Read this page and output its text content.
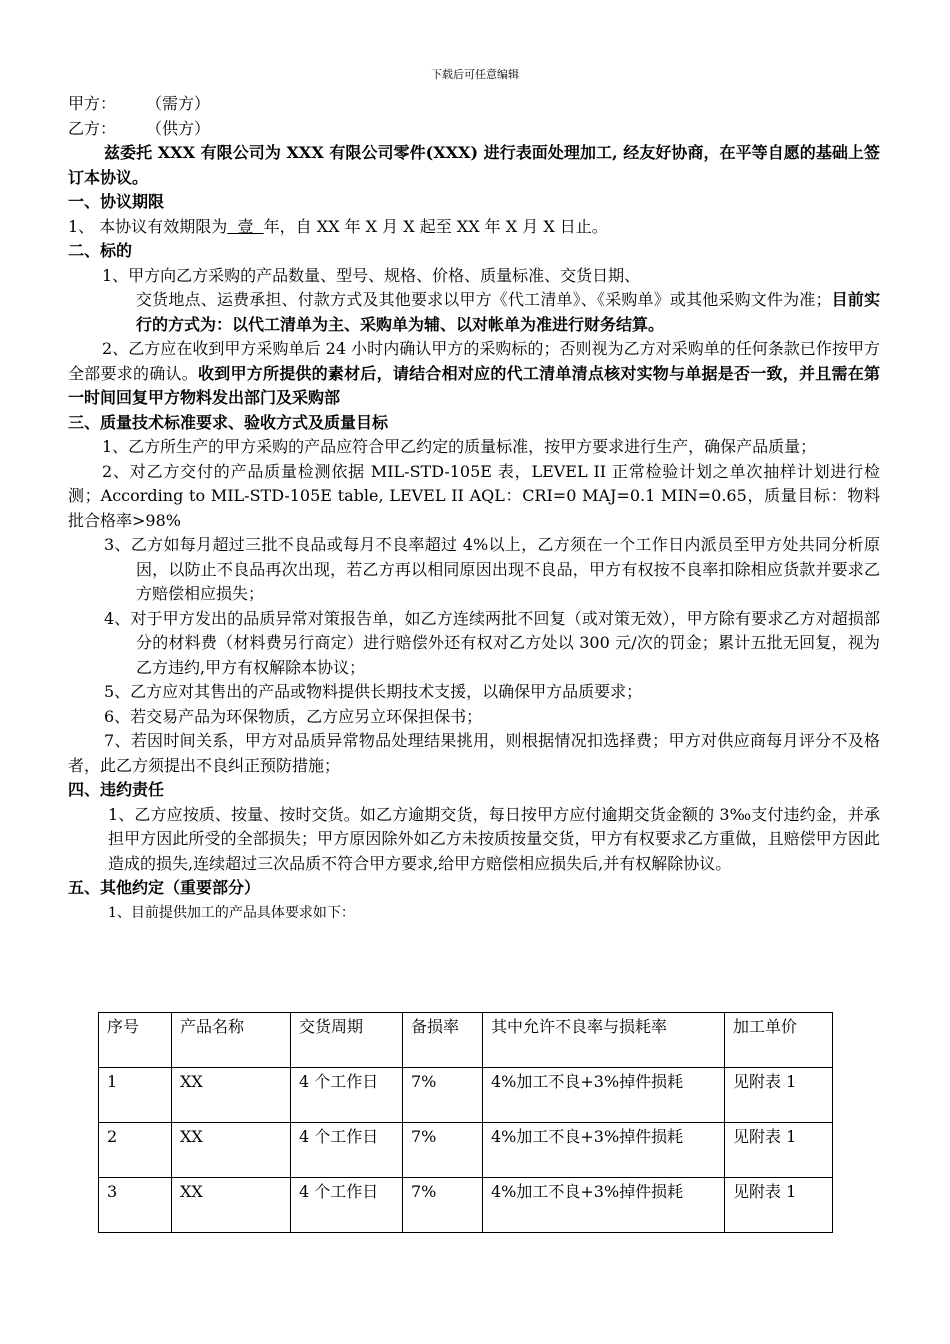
下载后可任意编辑

甲方： （需方）

乙方： （供方）

兹委托 XXX 有限公司为 XXX 有限公司零件(XXX) 进行表面处理加工, 经友好协商，在平等自愿的基础上签订本协议。

一、协议期限

1、 本协议有效期限为  壹  年，自 XX 年 X 月 X 起至 XX 年 X 月 X 日止。

二、标的

1、甲方向乙方采购的产品数量、型号、规格、价格、质量标准、交货日期、

交货地点、运费承担、付款方式及其他要求以甲方《代工清单》、《采购单》或其他采购文件为准；目前实行的方式为：以代工清单为主、采购单为辅、以对帐单为准进行财务结算。

2、乙方应在收到甲方采购单后 24 小时内确认甲方的采购标的；否则视为乙方对采购单的任何条款已作按甲方全部要求的确认。收到甲方所提供的素材后，请结合相对应的代工清单清点核对实物与单据是否一致，并且需在第一时间回复甲方物料发出部门及采购部

三、质量技术标准要求、验收方式及质量目标

1、乙方所生产的甲方采购的产品应符合甲乙约定的质量标准，按甲方要求进行生产，确保产品质量；

2、对乙方交付的产品质量检测依据 MIL-STD-105E 表，LEVEL II 正常检验计划之单次抽样计划进行检测；According to MIL-STD-105E table, LEVEL II AQL：CRI=0 MAJ=0.1 MIN=0.65，质量目标：物料批合格率>98%

3、乙方如每月超过三批不良品或每月不良率超过 4%以上，乙方须在一个工作日内派员至甲方处共同分析原因，以防止不良品再次出现，若乙方再以相同原因出现不良品，甲方有权按不良率扣除相应货款并要求乙方赔偿相应损失；

4、对于甲方发出的品质异常对策报告单，如乙方连续两批不回复（或对策无效），甲方除有要求乙方对超损部分的材料费（材料费另行商定）进行赔偿外还有权对乙方处以 300 元/次的罚金；累计五批无回复，视为乙方违约,甲方有权解除本协议；

5、乙方应对其售出的产品或物料提供长期技术支援，以确保甲方品质要求；

6、若交易产品为环保物质，乙方应另立环保担保书；

7、若因时间关系，甲方对品质异常物品处理结果挑用，则根据情况扣选择费；甲方对供应商每月评分不及格者，此乙方须提出不良纠正预防措施；

四、违约责任

1、乙方应按质、按量、按时交货。如乙方逾期交货，每日按甲方应付逾期交货金额的 3‰支付违约金，并承担甲方因此所受的全部损失；甲方原因除外如乙方未按质按量交货，甲方有权要求乙方重做，且赔偿甲方因此造成的损失,连续超过三次品质不符合甲方要求,给甲方赔偿相应损失后,并有权解除协议。

五、其他约定（重要部分）

1、目前提供加工的产品具体要求如下：

序号	产品名称	交货周期	备损率	其中允许不良率与损耗率	加工单价
1	XX	4 个工作日	7%	4%加工不良+3%掉件损耗	见附表 1
2	XX	4 个工作日	7%	4%加工不良+3%掉件损耗	见附表 1
3	XX	4 个工作日	7%	4%加工不良+3%掉件损耗	见附表 1
